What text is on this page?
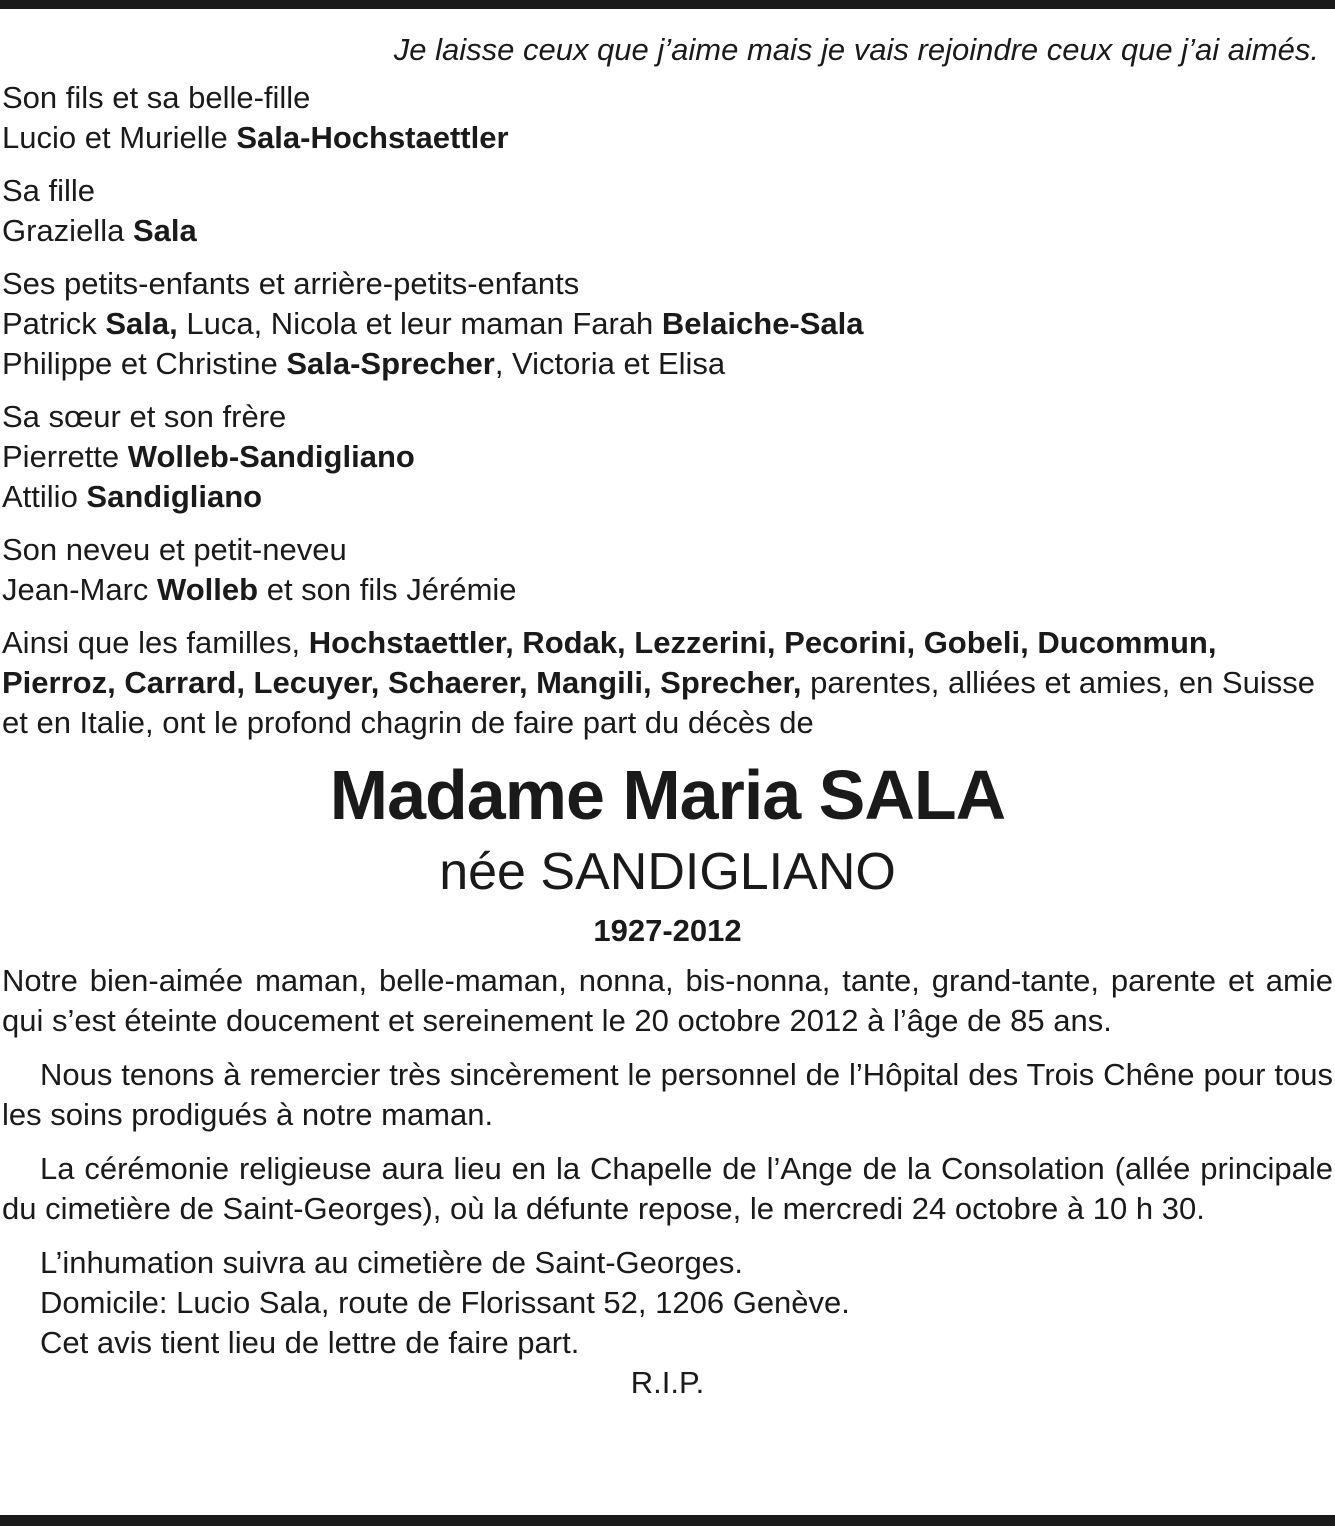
Je laisse ceux que j’aime mais je vais rejoindre ceux que j’ai aimés.
Son fils et sa belle-fille
Lucio et Murielle Sala-Hochstaettler
Sa fille
Graziella Sala
Ses petits-enfants et arrière-petits-enfants
Patrick Sala, Luca, Nicola et leur maman Farah Belaiche-Sala
Philippe et Christine Sala-Sprecher, Victoria et Elisa
Sa sœur et son frère
Pierrette Wolleb-Sandigliano
Attilio Sandigliano
Son neveu et petit-neveu
Jean-Marc Wolleb et son fils Jérémie
Ainsi que les familles, Hochstaettler, Rodak, Lezzerini, Pecorini, Gobeli, Ducommun, Pierroz, Carrard, Lecuyer, Schaerer, Mangili, Sprecher, parentes, alliées et amies, en Suisse et en Italie, ont le profond chagrin de faire part du décès de
Madame Maria SALA
née SANDIGLIANO
1927-2012
Notre bien-aimée maman, belle-maman, nonna, bis-nonna, tante, grand-tante, parente et amie qui s’est éteinte doucement et sereinement le 20 octobre 2012 à l’âge de 85 ans.
Nous tenons à remercier très sincèrement le personnel de l’Hôpital des Trois Chêne pour tous les soins prodigués à notre maman.
La cérémonie religieuse aura lieu en la Chapelle de l’Ange de la Consolation (allée principale du cimetière de Saint-Georges), où la défunte repose, le mercredi 24 octobre à 10 h 30.
L’inhumation suivra au cimetière de Saint-Georges.
Domicile: Lucio Sala, route de Florissant 52, 1206 Genève.
Cet avis tient lieu de lettre de faire part.
R.I.P.
